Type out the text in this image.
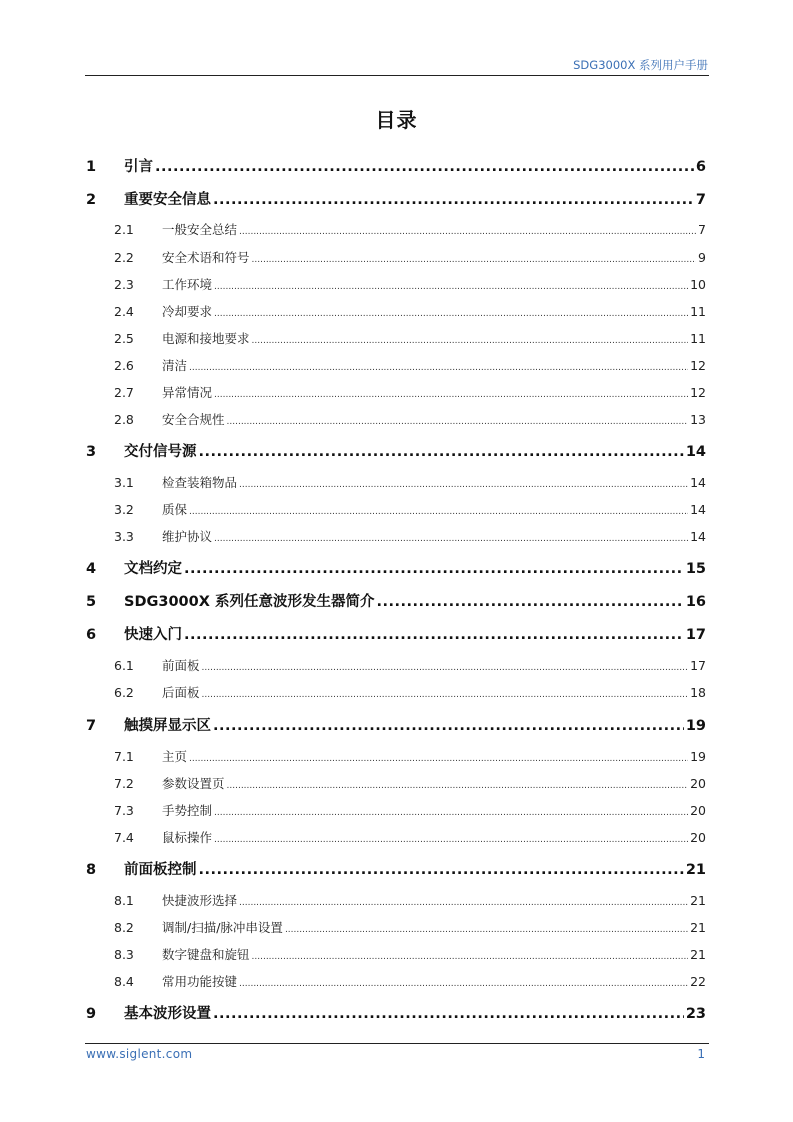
SDG3000X 系列用户手册
目录
1	引言 .....	6
2	重要安全信息 .....	7
2.1	一般安全总结 .....	7
2.2	安全术语和符号 .....	9
2.3	工作环境 .....	10
2.4	冷却要求 .....	11
2.5	电源和接地要求 .....	11
2.6	清洁 .....	12
2.7	异常情况 .....	12
2.8	安全合规性 .....	13
3	交付信号源 .....	14
3.1	检查装箱物品 .....	14
3.2	质保 .....	14
3.3	维护协议 .....	14
4	文档约定 .....	15
5	SDG3000X 系列任意波形发生器简介 .....	16
6	快速入门 .....	17
6.1	前面板 .....	17
6.2	后面板 .....	18
7	触摸屏显示区 .....	19
7.1	主页 .....	19
7.2	参数设置页 .....	20
7.3	手势控制 .....	20
7.4	鼠标操作 .....	20
8	前面板控制 .....	21
8.1	快捷波形选择 .....	21
8.2	调制/扫描/脉冲串设置 .....	21
8.3	数字键盘和旋钮 .....	21
8.4	常用功能按键 .....	22
9	基本波形设置 .....	23
www.siglent.com	1
